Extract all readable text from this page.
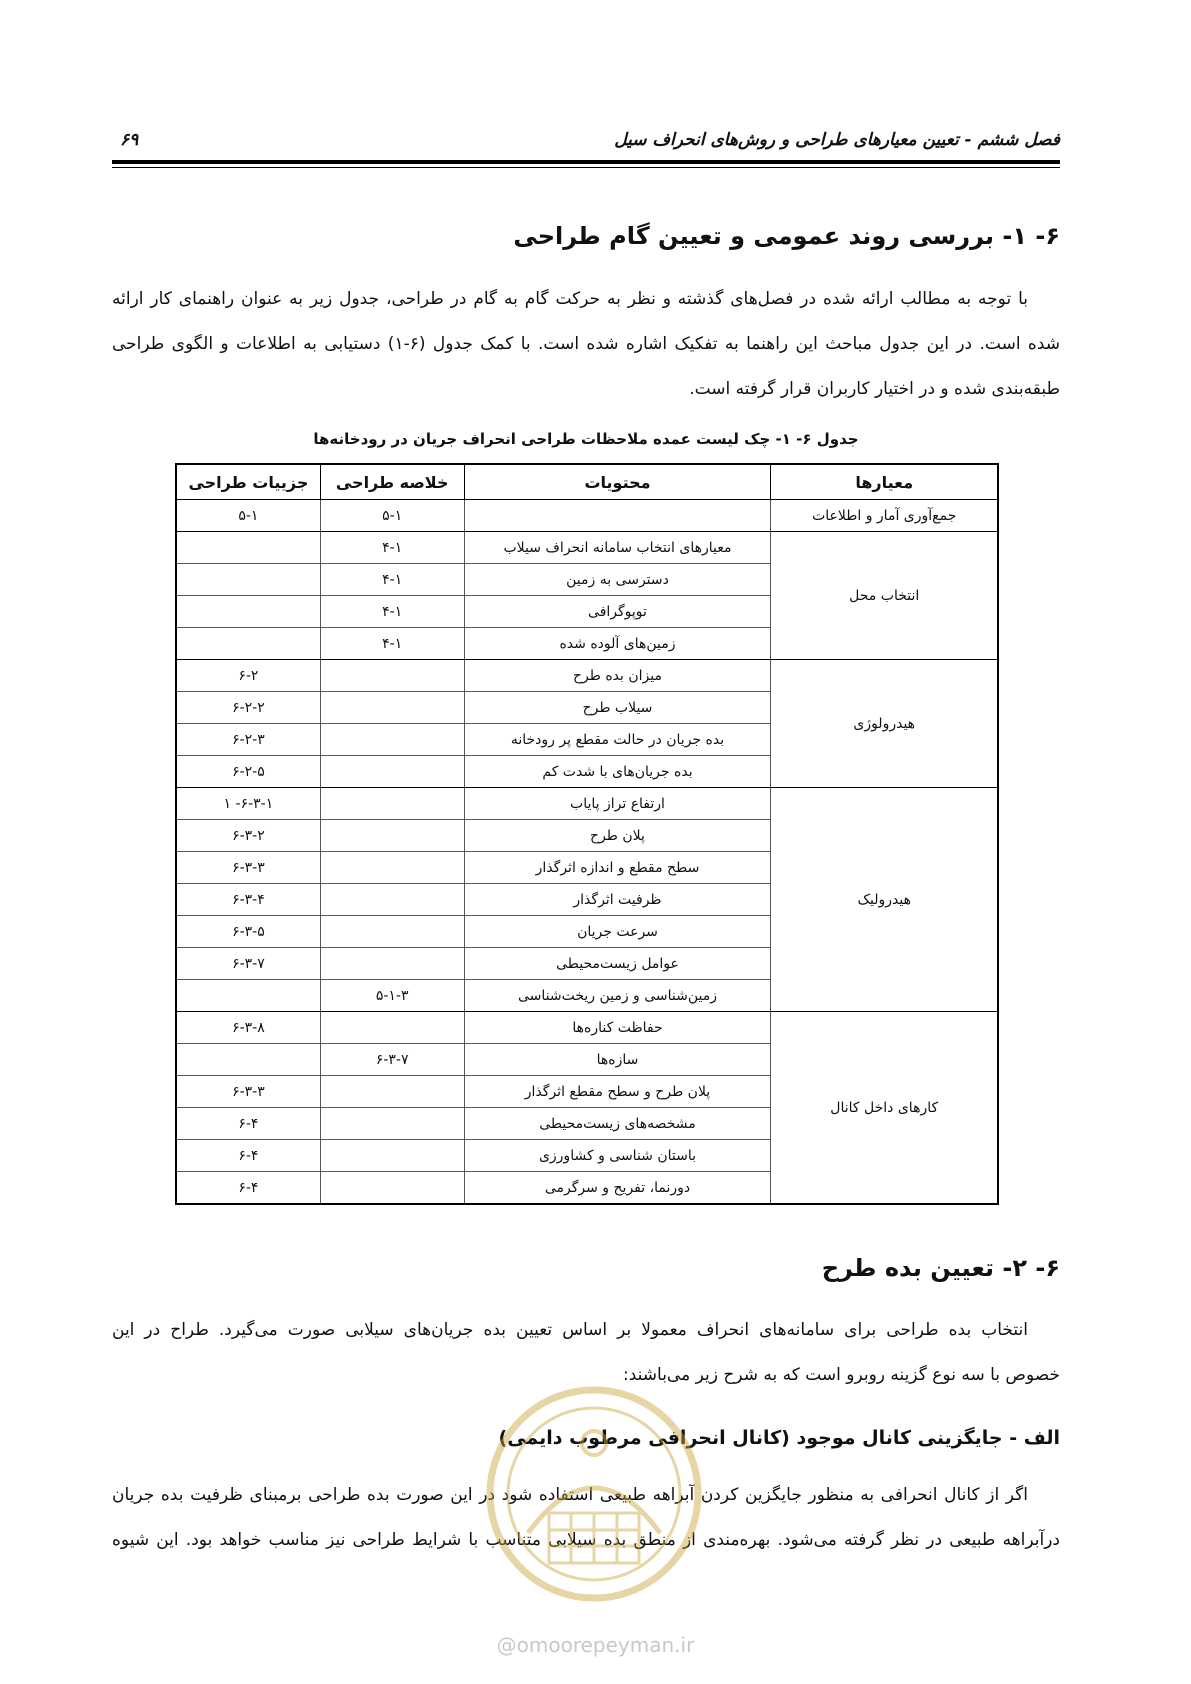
فصل ششم - تعیین معیارهای طراحی و روش‌های انحراف سیل
۶۹
۶- ۱- بررسی روند عمومی و تعیین گام طراحی
با توجه به مطالب ارائه شده در فصل‌های گذشته و نظر به حرکت گام به گام در طراحی، جدول زیر به عنوان راهنمای کار ارائه
شده است. در این جدول مباحث این راهنما به تفکیک اشاره شده است. با کمک جدول (۶-۱) دستیابی به اطلاعات و الگوی طراحی
طبقه‌بندی شده و در اختیار کاربران قرار گرفته است.
جدول ۶- ۱- چک لیست عمده ملاحظات طراحی انحراف جریان در رودخانه‌ها
معیارها	محتویات	خلاصه طراحی	جزییات طراحی
جمع‌آوری آمار و اطلاعات		۵-۱	۵-۱
انتخاب محل	معیارهای انتخاب سامانه انحراف سیلاب	۴-۱	
	دسترسی به زمین	۴-۱	
	توپوگرافی	۴-۱	
	زمین‌های آلوده شده	۴-۱	
هیدرولوژی	میزان بده طرح		۶-۲
	سیلاب طرح		۶-۲-۲
	بده جریان در حالت مقطع پر رودخانه		۶-۲-۳
	بده جریان‌های با شدت کم		۶-۲-۵
هیدرولیک	ارتفاع تراز پایاب		۶-۳-۱- ۱
	پلان طرح		۶-۳-۲
	سطح مقطع و اندازه اثرگذار		۶-۳-۳
	ظرفیت اثرگذار		۶-۳-۴
	سرعت جریان		۶-۳-۵
	عوامل زیست‌محیطی		۶-۳-۷
	زمین‌شناسی و زمین ریخت‌شناسی	۵-۱-۳	
کارهای داخل کانال	حفاظت کناره‌ها		۶-۳-۸
	سازه‌ها	۶-۳-۷	
	پلان طرح و سطح مقطع اثرگذار		۶-۳-۳
	مشخصه‌های زیست‌محیطی		۶-۴
	باستان شناسی و کشاورزی		۶-۴
	دورنما، تفریح و سرگرمی		۶-۴
۶- ۲- تعیین بده طرح
انتخاب بده طراحی برای سامانه‌های انحراف معمولا بر اساس تعیین بده جریان‌های سیلابی صورت می‌گیرد. طراح در این
خصوص با سه نوع گزینه روبرو است که به شرح زیر می‌باشند:
الف - جایگزینی کانال موجود (کانال انحرافی مرطوب دایمی)
اگر از کانال انحرافی به منظور جایگزین کردن آبراهه طبیعی استفاده شود در این صورت بده طراحی برمبنای ظرفیت بده جریان
درآبراهه طبیعی در نظر گرفته می‌شود. بهره‌مندی از منطق بده سیلابی متناسب با شرایط طراحی نیز مناسب خواهد بود. این شیوه
@omoorepeyman.ir
